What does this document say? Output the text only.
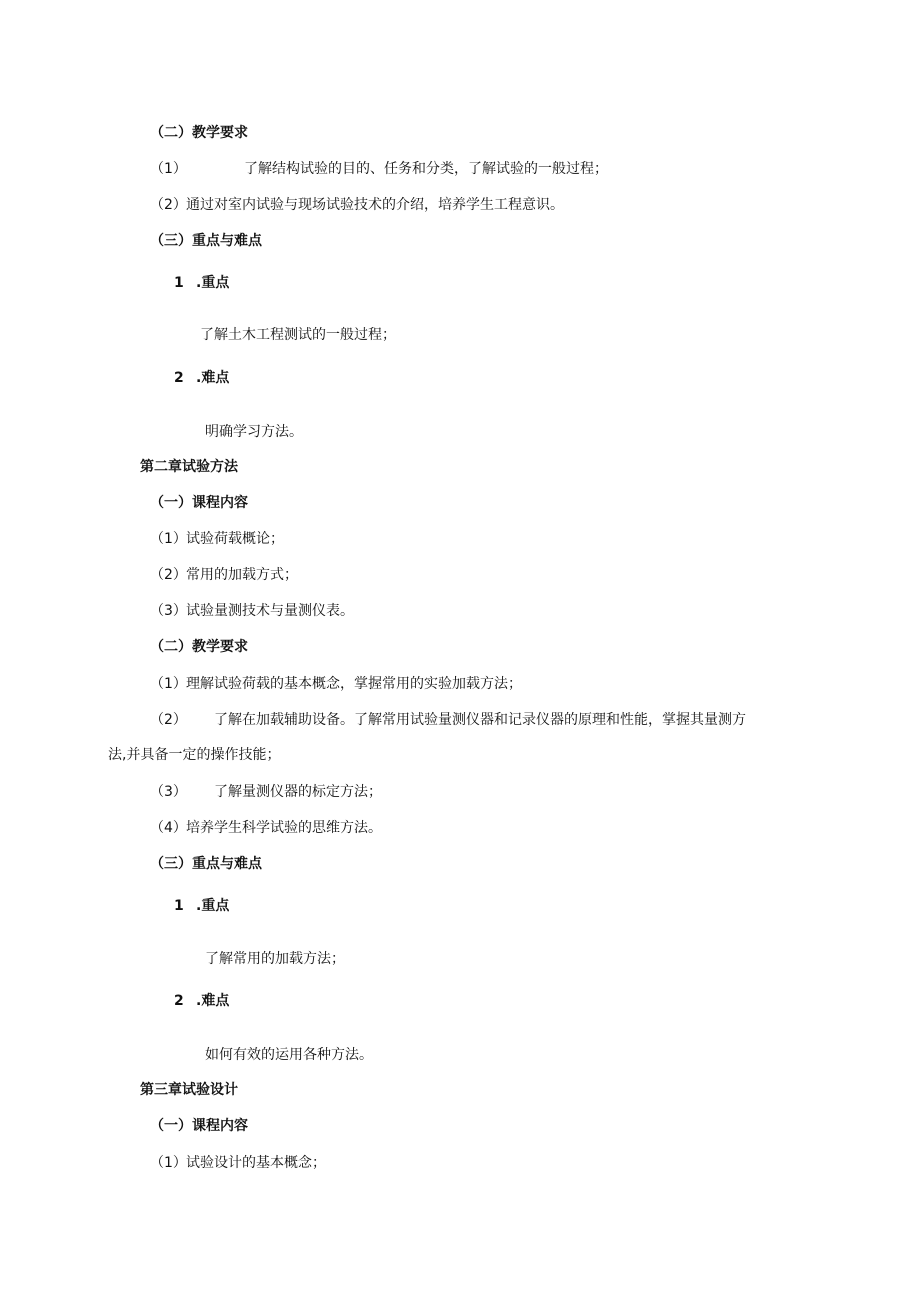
（二）教学要求
（1）	了解结构试验的目的、任务和分类，了解试验的一般过程；
（2）通过对室内试验与现场试验技术的介绍，培养学生工程意识。
（三）重点与难点
1 .重点
了解土木工程测试的一般过程；
2 .难点
明确学习方法。
第二章试验方法
（一）课程内容
（1）试验荷载概论；
（2）常用的加载方式；
（3）试验量测技术与量测仪表。
（二）教学要求
（1）理解试验荷载的基本概念，掌握常用的实验加载方法；
（2） 了解在加载辅助设备。了解常用试验量测仪器和记录仪器的原理和性能，掌握其量测方
法,并具备一定的操作技能；
（3） 了解量测仪器的标定方法；
（4）培养学生科学试验的思维方法。
（三）重点与难点
1 .重点
了解常用的加载方法；
2 .难点
如何有效的运用各种方法。
第三章试验设计
（一）课程内容
（1）试验设计的基本概念；
